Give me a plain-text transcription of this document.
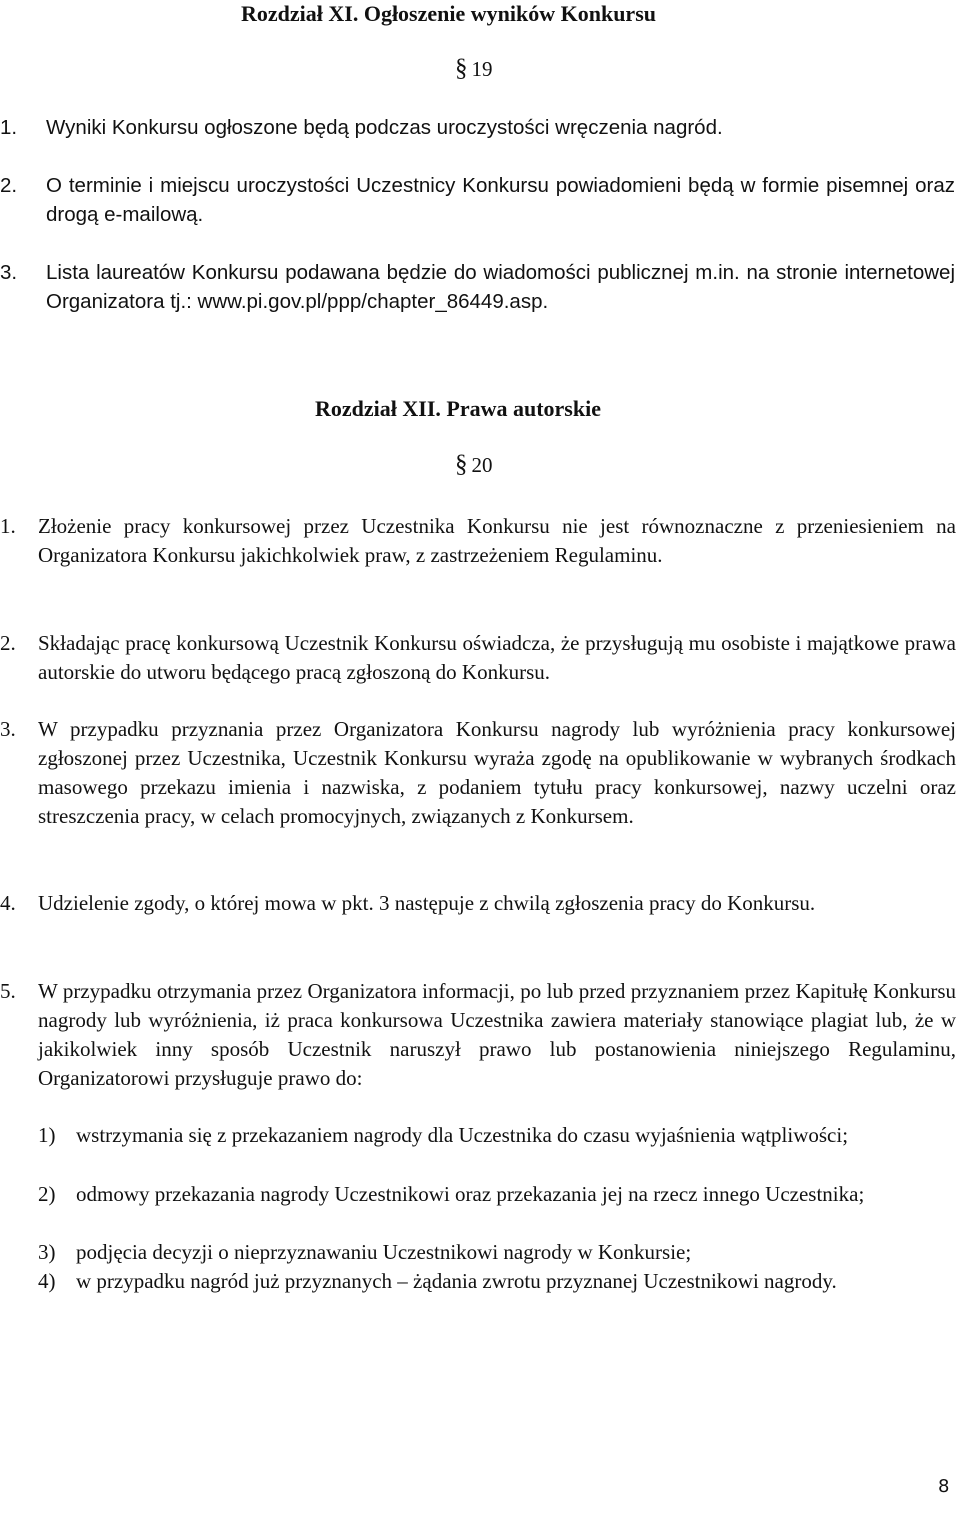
Rozdział XI. Ogłoszenie wyników Konkursu
§ 19
1. Wyniki Konkursu ogłoszone będą podczas uroczystości wręczenia nagród.
2. O terminie i miejscu uroczystości Uczestnicy Konkursu powiadomieni będą w formie pisemnej oraz drogą e-mailową.
3. Lista laureatów Konkursu podawana będzie do wiadomości publicznej m.in. na stronie internetowej Organizatora tj.: www.pi.gov.pl/ppp/chapter_86449.asp.
Rozdział XII. Prawa autorskie
§ 20
1. Złożenie pracy konkursowej przez Uczestnika Konkursu nie jest równoznaczne z przeniesieniem na Organizatora Konkursu jakichkolwiek praw, z zastrzeżeniem Regulaminu.
2. Składając pracę konkursową Uczestnik Konkursu oświadcza, że przysługują mu osobiste i majątkowe prawa autorskie do utworu będącego pracą zgłoszoną do Konkursu.
3. W przypadku przyznania przez Organizatora Konkursu nagrody lub wyróżnienia pracy konkursowej zgłoszonej przez Uczestnika, Uczestnik Konkursu wyraża zgodę na opublikowanie w wybranych środkach masowego przekazu imienia i nazwiska, z podaniem tytułu pracy konkursowej, nazwy uczelni oraz streszczenia pracy, w celach promocyjnych, związanych z Konkursem.
4. Udzielenie zgody, o której mowa w pkt. 3 następuje z chwilą zgłoszenia pracy do Konkursu.
5. W przypadku otrzymania przez Organizatora informacji, po lub przed przyznaniem przez Kapitułę Konkursu nagrody lub wyróżnienia, iż praca konkursowa Uczestnika zawiera materiały stanowiące plagiat lub, że w jakikolwiek inny sposób Uczestnik naruszył prawo lub postanowienia niniejszego Regulaminu, Organizatorowi przysługuje prawo do:
1) wstrzymania się z przekazaniem nagrody dla Uczestnika do czasu wyjaśnienia wątpliwości;
2) odmowy przekazania nagrody Uczestnikowi oraz przekazania jej na rzecz innego Uczestnika;
3) podjęcia decyzji o nieprzyznawaniu Uczestnikowi nagrody w Konkursie;
4) w przypadku nagród już przyznanych – żądania zwrotu przyznanej Uczestnikowi nagrody.
8
